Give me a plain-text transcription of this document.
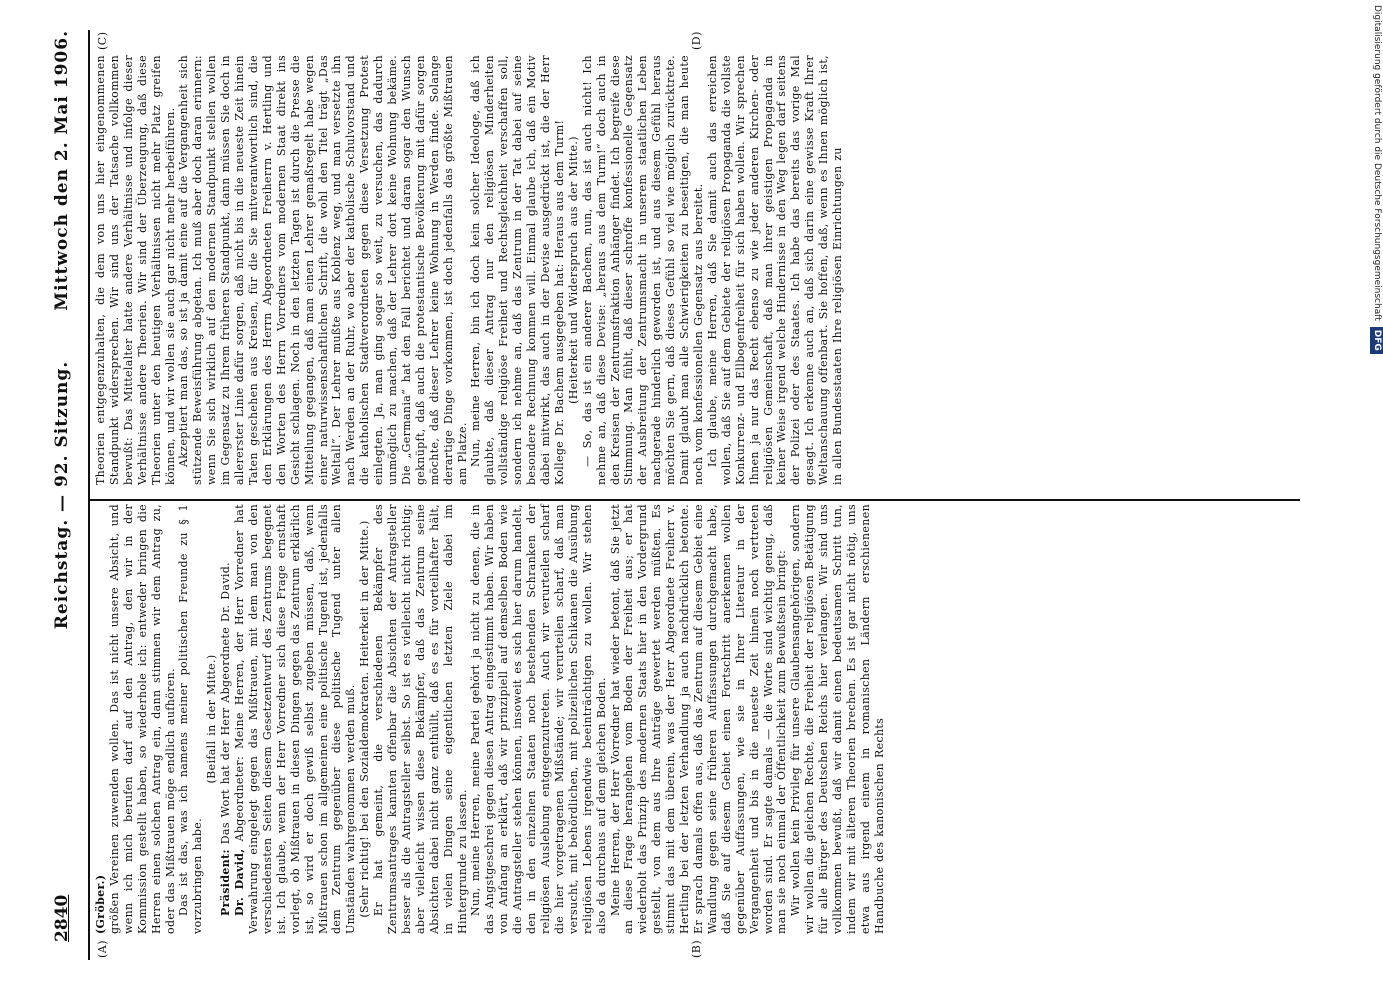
2840
Reichstag. — 92. Sitzung.
Mittwoch den 2. Mai 1906.
(A)	(B)
(C)	(D)

(Gröber.) größen Vereinen zuwenden wollen. Das ist nicht unsere Absicht, und wenn ich mich berufen darf auf den Antrag, den wir in der Kommission gestellt haben, so wiederhole ich: entweder bringen die Herren einen solchen Antrag ein, dann stimmen wir dem Antrag zu, oder das Mißtrauen möge endlich aufhören. Das ist das, was ich namens meiner politischen Freunde zu § 1 vorzubringen habe.

(Beifall in der Mitte.)

Präsident: Das Wort hat der Herr Abgeordnete Dr. David.

Dr. David, Abgeordneter: Meine Herren, der Herr Vorredner hat Verwahrung eingelegt gegen das Mißtrauen, mit dem man von den verschiedensten Seiten diesem Gesetzentwurf des Zentrums begegnet ist. Ich glaube, wenn der Herr Vorredner sich diese Frage ernsthaft vorlegt, ob Mißtrauen in diesen Dingen gegen das Zentrum erklärlich ist, so wird er doch gewiß selbst zugeben müssen, daß, wenn Mißtrauen schon im allgemeinen eine politische Tugend ist, jedenfalls dem Zentrum gegenüber diese politische Tugend unter allen Umständen wahrgenommen werden muß. (Sehr richtig! bei den Sozialdemokraten. Heiterkeit in der Mitte.) Er hat gemeint, die verschiedenen Bekämpfer des Zentrumsantrages kannten offenbar die Absichten der Antragsteller besser als die Antragsteller selbst. So ist es vielleicht nicht richtig; aber vielleicht wissen diese Bekämpfer, daß das Zentrum seine Absichten dabei nicht ganz enthüllt, daß es es für vorteilhafter hält, in vielen Dingen seine eigentlichen letzten Ziele dabei im Hintergrunde zu lassen. Nun, meine Herren, meine Partei gehört ja nicht zu denen, die in das Angstgeschrei gegen diesen Antrag eingestimmt haben. Wir haben von Anfang an erklärt, daß wir prinzipiell auf demselben Boden wie die Antragsteller stehen können, insoweit es sich hier darum handelt, den in den einzelnen Staaten noch bestehenden Schranken der religiösen Auslebung entgegenzutreten. Auch wir verurteilen scharf die hier vorgetragenen Mißstände; wir verurteilen scharf, daß man versucht, mit behördlichen, mit polizeilichen Schikanen die Ausübung religiösen Lebens irgendwie beeinträchtigen zu wollen. Wir stehen also da durchaus auf dem gleichen Boden. Meine Herren, der Herr Vorredner hat wieder betont, daß Sie jetzt an diese Frage herangehen vom Boden der Freiheit aus; er hat wiederholt das Prinzip des modernen Staats hier in den Vordergrund gestellt, von dem aus Ihre Anträge gewertet werden müßten. Es stimmt das mit dem überein, was der Herr Abgeordnete Freiherr v. Hertling bei der letzten Verhandlung ja auch nachdrücklich betonte. Er sprach damals offen aus, daß das Zentrum auf diesem Gebiet eine Wandlung gegen seine früheren Auffassungen durchgemacht habe, daß Sie auf diesem Gebiet einen Fortschritt anerkennen wollen gegenüber Auffassungen, wie sie in Ihrer Literatur in der Vergangenheit und bis in die neueste Zeit hinein noch vertreten worden sind. Er sagte damals — die Worte sind wichtig genug, daß man sie noch einmal der Öffentlichkeit zum Bewußtsein bringt: Wir wollen kein Privileg für unsere Glaubensangehörigen, sondern wir wollen die gleichen Rechte, die Freiheit der religiösen Betätigung für alle Bürger des Deutschen Reichs hier verlangen. Wir sind uns vollkommen bewußt, daß wir damit einen bedeutsamen Schritt tun, indem wir mit älteren Theorien brechen. Es ist gar nicht nötig, uns etwa aus irgend einem in romanischen Ländern erschienenen Handbuche des kanonischen Rechts

Theorien entgegenzuhalten, die dem von uns hier eingenommenen Standpunkt widersprechen. Wir sind uns der Tatsache vollkommen bewußt: Das Mittelalter hatte andere Verhältnisse und infolge dieser Verhältnisse andere Theorien. Wir sind der Überzeugung, daß diese Theorien unter den heutigen Verhältnissen nicht mehr Platz greifen können, und wir wollen sie auch gar nicht mehr herbeiführen. Akzeptiert man das, so ist ja damit eine auf die Vergangenheit sich stützende Beweisführung abgetan. Ich muß aber doch daran erinnern: wenn Sie sich wirklich auf den modernen Standpunkt stellen wollen im Gegensatz zu Ihrem früheren Standpunkt, dann müssen Sie doch in allererster Linie dafür sorgen, daß nicht bis in die neueste Zeit hinein Taten geschehen aus Kreisen, für die Sie mitverantwortlich sind, die den Erklärungen des Herrn Abgeordneten Freiherrn v. Hertling und den Worten des Herrn Vorredners vom modernen Staat direkt ins Gesicht schlagen. Noch in den letzten Tagen ist durch die Presse die Mitteilung gegangen, daß man einen Lehrer gemaßregelt habe wegen einer naturwissenschaftlichen Schrift, die wohl den Titel trägt „Das Weltall“. Der Lehrer mußte aus Koblenz weg, und man versetzte ihn nach Werden an der Ruhr, wo aber der katholische Schulvorstand und die katholischen Stadtverordneten gegen diese Versetzung Protest einlegten. Ja, man ging sogar so weit, zu versuchen, das dadurch unmöglich zu machen, daß der Lehrer dort keine Wohnung bekäme. Die „Germania“ hat den Fall berichtet und daran sogar den Wunsch geknüpft, daß auch die protestantische Bevölkerung mit dafür sorgen möchte, daß dieser Lehrer keine Wohnung in Werden finde. Solange derartige Dinge vorkommen, ist doch jedenfalls das größte Mißtrauen am Platze. Nun, meine Herren, bin ich doch kein solcher Ideologe, daß ich glaubte, daß dieser Antrag nur den religiösen Minderheiten vollständige religiöse Freiheit und Rechtsgleichheit verschaffen soll, sondern ich nehme an, daß das Zentrum in der Tat dabei auf seine besondere Rechnung kommen will. Einmal glaube ich, daß ein Motiv dabei mitwirkt, das auch in der Devise ausgedrückt ist, die der Herr Kollege Dr. Bachem ausgegeben hat: Heraus aus dem Turm! (Heiterkeit und Widerspruch aus der Mitte.) — So, das ist ein anderer Bachem, nun, das ist auch nicht! Ich nehme an, daß diese Devise: „heraus aus dem Turm!“ doch auch in den Kreisen der Zentrumsfraktion Anhänger findet. Ich begreife diese Stimmung. Man fühlt, daß dieser schroffe konfessionelle Gegensatz der Ausbreitung der Zentrumsmacht in unserem staatlichen Leben nachgerade hinderlich geworden ist, und aus diesem Gefühl heraus möchten Sie gern, daß dieses Gefühl so viel wie möglich zurücktrete. Damit glaubt man alle Schwierigkeiten zu beseitigen, die man heute noch vom konfessionellen Gegensatz aus bereitet. Ich glaube, meine Herren, daß Sie damit auch das erreichen wollen, daß Sie auf dem Gebiete der religiösen Propaganda die vollste Konkurrenz- und Ellbogenfreiheit für sich haben wollen. Wir sprechen Ihnen ja nur das Recht ebenso zu wie jeder anderen Kirchen- oder religiösen Gemeinschaft, daß man ihrer geistigen Propaganda in keiner Weise irgend welche Hindernisse in den Weg legen darf seitens der Polizei oder des Staates. Ich habe das bereits das vorige Mal gesagt. Ich erkenne auch an, daß sich darin eine gewisse Kraft Ihrer Weltanschauung offenbart. Sie hoffen, daß, wenn es Ihnen möglich ist, in allen Bundesstaaten Ihre religiösen Einrichtungen zu	Digitalisierung gefördert durch die Deutsche ForschungsgemeinschaftDFG
